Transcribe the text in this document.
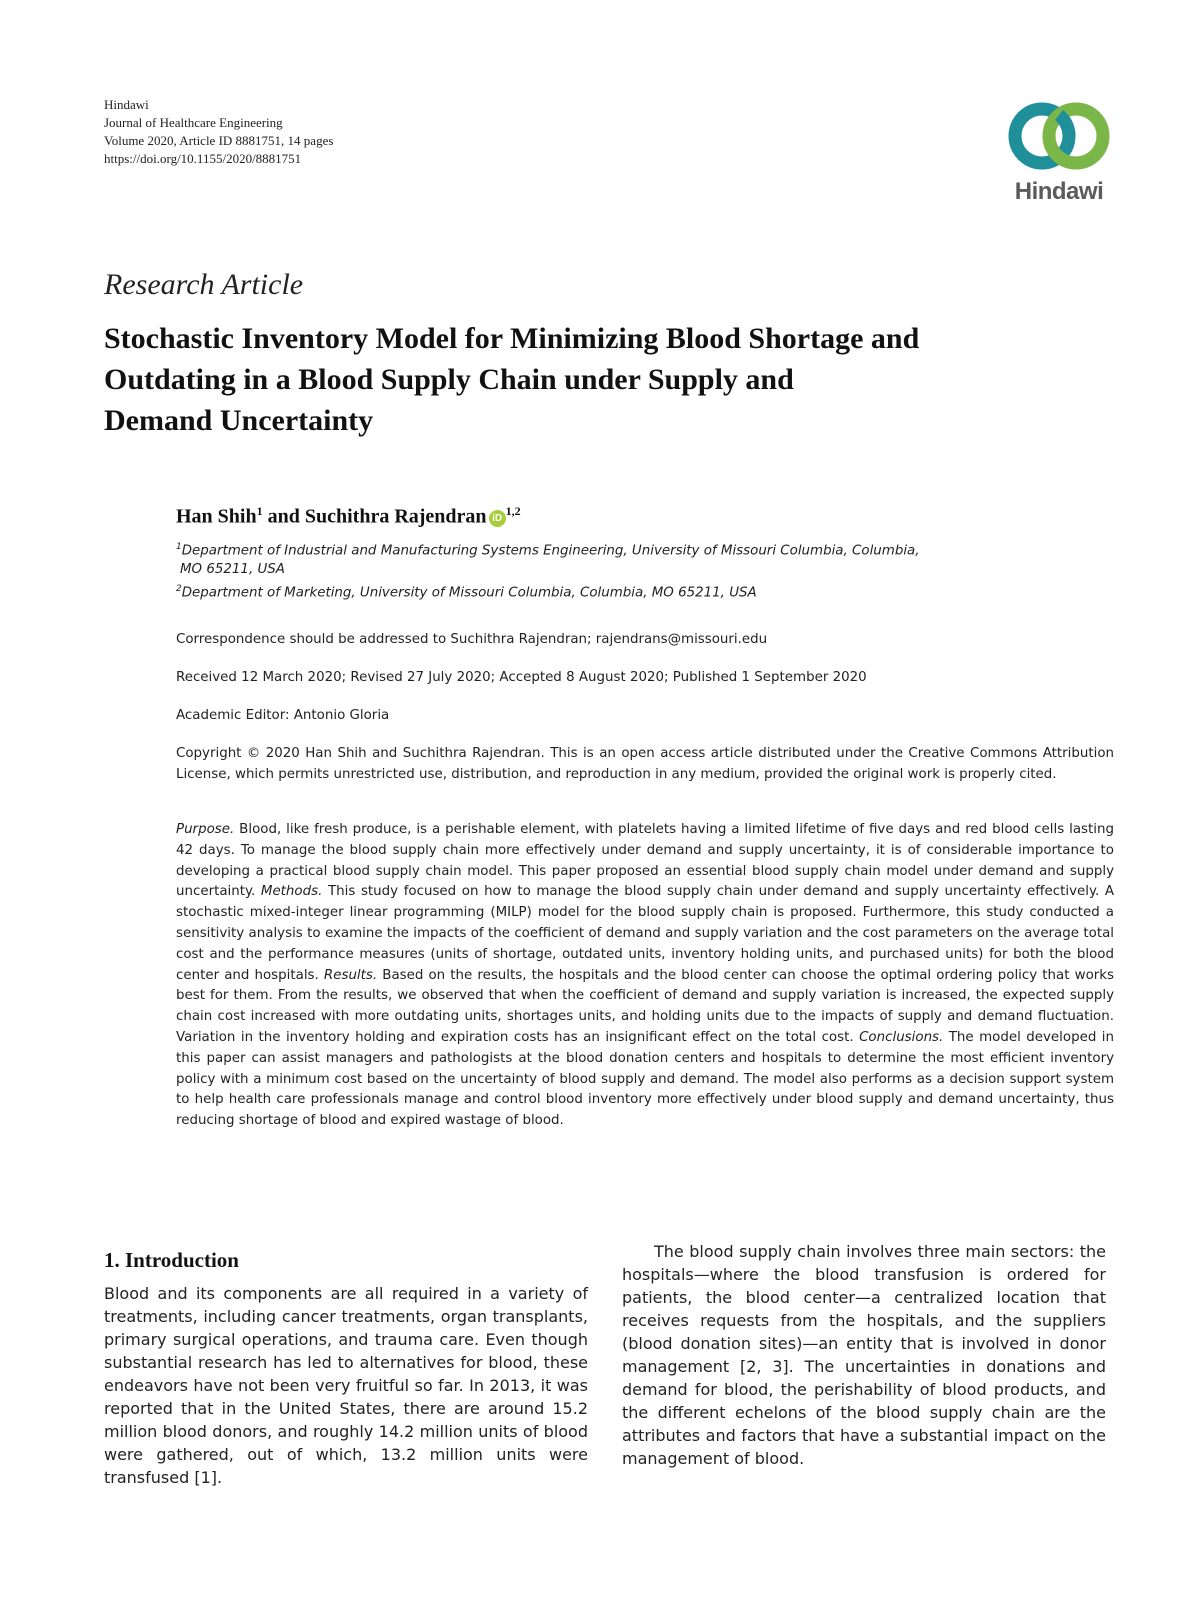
Hindawi
Journal of Healthcare Engineering
Volume 2020, Article ID 8881751, 14 pages
https://doi.org/10.1155/2020/8881751
Hindawi
Research Article
Stochastic Inventory Model for Minimizing Blood Shortage and
Outdating in a Blood Supply Chain under Supply and
Demand Uncertainty
Han Shih$^1$ and Suchithra Rajendran iD$^{1,2}$
$^1$Department of Industrial and Manufacturing Systems Engineering, University of Missouri Columbia, Columbia,
MO 65211, USA
$^2$Department of Marketing, University of Missouri Columbia, Columbia, MO 65211, USA
Correspondence should be addressed to Suchithra Rajendran; rajendrans@missouri.edu
Received 12 March 2020; Revised 27 July 2020; Accepted 8 August 2020; Published 1 September 2020
Academic Editor: Antonio Gloria
Copyright © 2020 Han Shih and Suchithra Rajendran. This is an open access article distributed under the Creative Commons Attribution License, which permits unrestricted use, distribution, and reproduction in any medium, provided the original work is properly cited.
Purpose. Blood, like fresh produce, is a perishable element, with platelets having a limited lifetime of five days and red blood cells lasting 42 days. To manage the blood supply chain more effectively under demand and supply uncertainty, it is of considerable importance to developing a practical blood supply chain model. This paper proposed an essential blood supply chain model under demand and supply uncertainty. Methods. This study focused on how to manage the blood supply chain under demand and supply uncertainty effectively. A stochastic mixed-integer linear programming (MILP) model for the blood supply chain is proposed. Furthermore, this study conducted a sensitivity analysis to examine the impacts of the coefficient of demand and supply variation and the cost parameters on the average total cost and the performance measures (units of shortage, outdated units, inventory holding units, and purchased units) for both the blood center and hospitals. Results. Based on the results, the hospitals and the blood center can choose the optimal ordering policy that works best for them. From the results, we observed that when the coefficient of demand and supply variation is increased, the expected supply chain cost increased with more outdating units, shortages units, and holding units due to the impacts of supply and demand fluctuation. Variation in the inventory holding and expiration costs has an insignificant effect on the total cost. Conclusions. The model developed in this paper can assist managers and pathologists at the blood donation centers and hospitals to determine the most efficient inventory policy with a minimum cost based on the uncertainty of blood supply and demand. The model also performs as a decision support system to help health care professionals manage and control blood inventory more effectively under blood supply and demand uncertainty, thus reducing shortage of blood and expired wastage of blood.
1. Introduction

Blood and its components are all required in a variety of treatments, including cancer treatments, organ transplants, primary surgical operations, and trauma care. Even though substantial research has led to alternatives for blood, these endeavors have not been very fruitful so far. In 2013, it was reported that in the United States, there are around 15.2 million blood donors, and roughly 14.2 million units of blood were gathered, out of which, 13.2 million units were transfused [1].

The blood supply chain involves three main sectors: the hospitals—where the blood transfusion is ordered for patients, the blood center—a centralized location that receives requests from the hospitals, and the suppliers (blood donation sites)—an entity that is involved in donor management [2, 3]. The uncertainties in donations and demand for blood, the perishability of blood products, and the different echelons of the blood supply chain are the attributes and factors that have a substantial impact on the management of blood.
